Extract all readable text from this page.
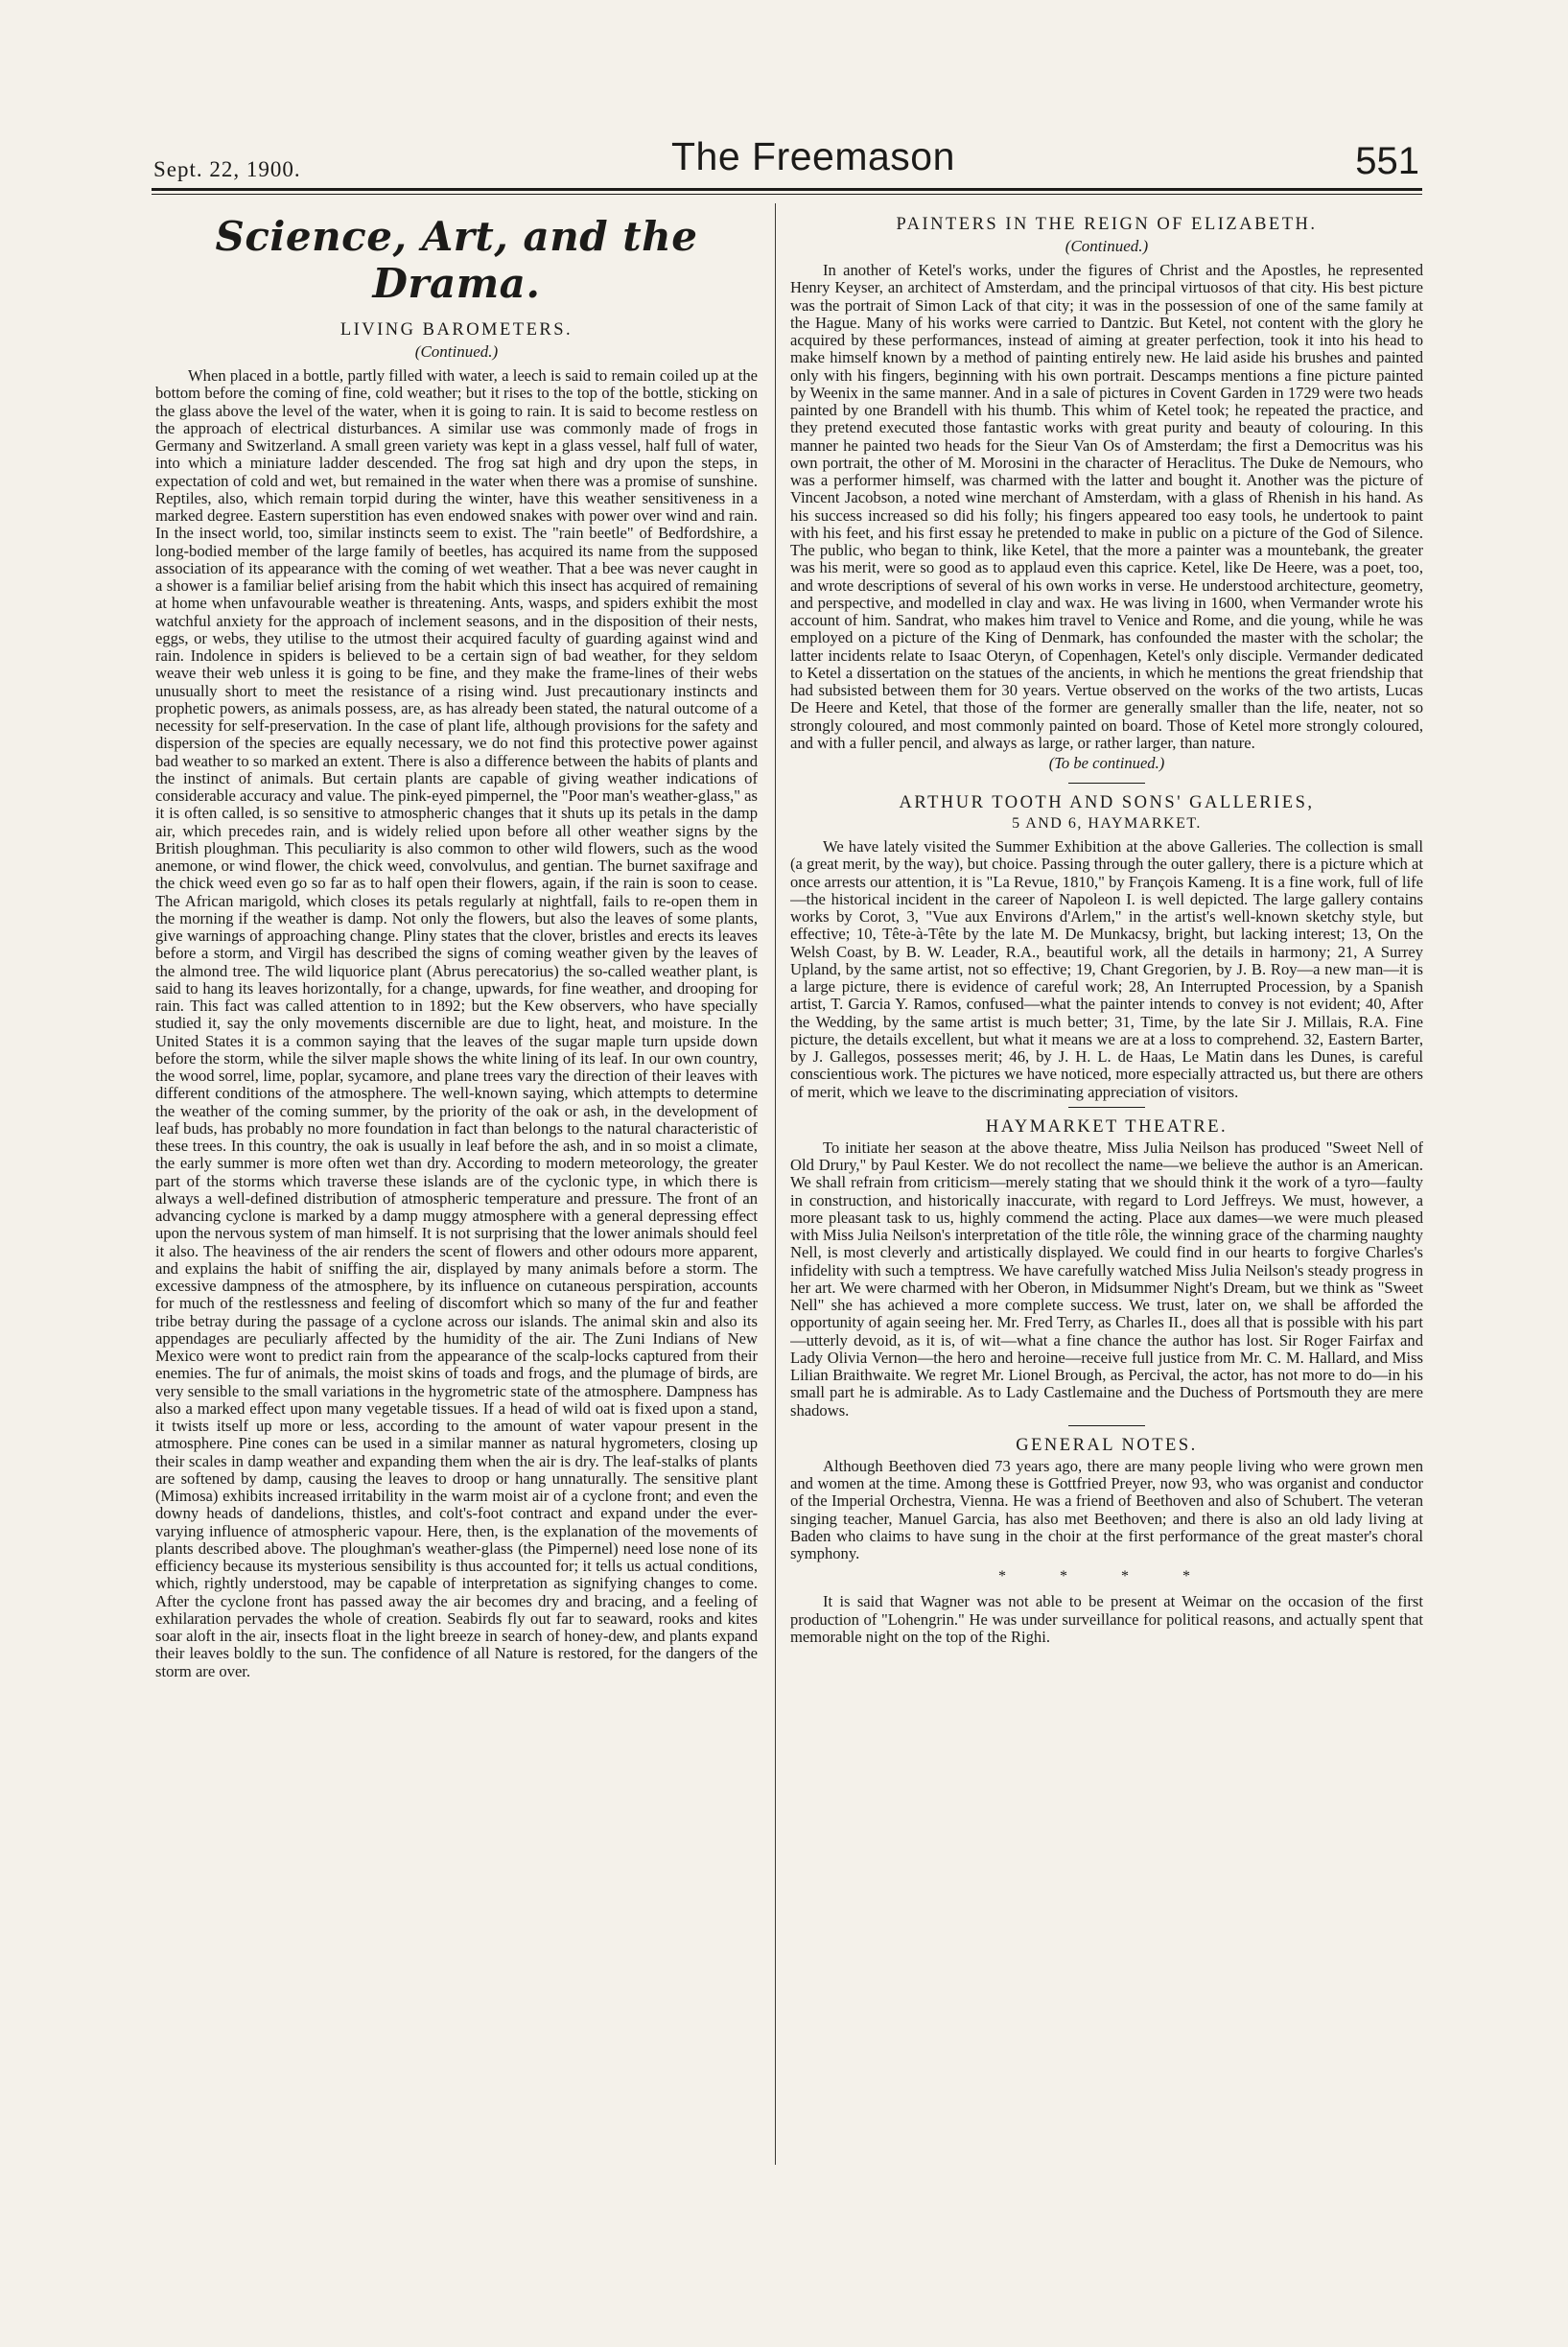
Sept. 22, 1900.	The Freemason	551
Science, Art, and the Drama.
LIVING BAROMETERS.
(Continued.)

When placed in a bottle, partly filled with water, a leech is said to remain coiled up at the bottom before the coming of fine, cold weather; but it rises to the top of the bottle, sticking on the glass above the level of the water, when it is going to rain. It is said to become restless on the approach of electrical disturbances. A similar use was commonly made of frogs in Germany and Switzerland. A small green variety was kept in a glass vessel, half full of water, into which a miniature ladder descended. The frog sat high and dry upon the steps, in expectation of cold and wet, but remained in the water when there was a promise of sunshine. Reptiles, also, which remain torpid during the winter, have this weather sensitiveness in a marked degree. Eastern superstition has even endowed snakes with power over wind and rain. In the insect world, too, similar instincts seem to exist. The "rain beetle" of Bedfordshire, a long-bodied member of the large family of beetles, has acquired its name from the supposed association of its appearance with the coming of wet weather. That a bee was never caught in a shower is a familiar belief arising from the habit which this insect has acquired of remaining at home when unfavourable weather is threatening. Ants, wasps, and spiders exhibit the most watchful anxiety for the approach of inclement seasons, and in the disposition of their nests, eggs, or webs, they utilise to the utmost their acquired faculty of guarding against wind and rain. Indolence in spiders is believed to be a certain sign of bad weather, for they seldom weave their web unless it is going to be fine, and they make the frame-lines of their webs unusually short to meet the resistance of a rising wind. Just precautionary instincts and prophetic powers, as animals possess, are, as has already been stated, the natural outcome of a necessity for self-preservation. In the case of plant life, although provisions for the safety and dispersion of the species are equally necessary, we do not find this protective power against bad weather to so marked an extent. There is also a difference between the habits of plants and the instinct of animals. But certain plants are capable of giving weather indications of considerable accuracy and value. The pink-eyed pimpernel, the "Poor man's weather-glass," as it is often called, is so sensitive to atmospheric changes that it shuts up its petals in the damp air, which precedes rain, and is widely relied upon before all other weather signs by the British ploughman. This peculiarity is also common to other wild flowers, such as the wood anemone, or wind flower, the chick weed, convolvulus, and gentian. The burnet saxifrage and the chick weed even go so far as to half open their flowers, again, if the rain is soon to cease. The African marigold, which closes its petals regularly at nightfall, fails to re-open them in the morning if the weather is damp. Not only the flowers, but also the leaves of some plants, give warnings of approaching change. Pliny states that the clover, bristles and erects its leaves before a storm, and Virgil has described the signs of coming weather given by the leaves of the almond tree. The wild liquorice plant (Abrus perecatorius) the so-called weather plant, is said to hang its leaves horizontally, for a change, upwards, for fine weather, and drooping for rain. This fact was called attention to in 1892; but the Kew observers, who have specially studied it, say the only movements discernible are due to light, heat, and moisture. In the United States it is a common saying that the leaves of the sugar maple turn upside down before the storm, while the silver maple shows the white lining of its leaf. In our own country, the wood sorrel, lime, poplar, sycamore, and plane trees vary the direction of their leaves with different conditions of the atmosphere. The well-known saying, which attempts to determine the weather of the coming summer, by the priority of the oak or ash, in the development of leaf buds, has probably no more foundation in fact than belongs to the natural characteristic of these trees. In this country, the oak is usually in leaf before the ash, and in so moist a climate, the early summer is more often wet than dry. According to modern meteorology, the greater part of the storms which traverse these islands are of the cyclonic type, in which there is always a well-defined distribution of atmospheric temperature and pressure. The front of an advancing cyclone is marked by a damp muggy atmosphere with a general depressing effect upon the nervous system of man himself. It is not surprising that the lower animals should feel it also. The heaviness of the air renders the scent of flowers and other odours more apparent, and explains the habit of sniffing the air, displayed by many animals before a storm. The excessive dampness of the atmosphere, by its influence on cutaneous perspiration, accounts for much of the restlessness and feeling of discomfort which so many of the fur and feather tribe betray during the passage of a cyclone across our islands. The animal skin and also its appendages are peculiarly affected by the humidity of the air. The Zuni Indians of New Mexico were wont to predict rain from the appearance of the scalp-locks captured from their enemies. The fur of animals, the moist skins of toads and frogs, and the plumage of birds, are very sensible to the small variations in the hygrometric state of the atmosphere. Dampness has also a marked effect upon many vegetable tissues. If a head of wild oat is fixed upon a stand, it twists itself up more or less, according to the amount of water vapour present in the atmosphere. Pine cones can be used in a similar manner as natural hygrometers, closing up their scales in damp weather and expanding them when the air is dry. The leaf-stalks of plants are softened by damp, causing the leaves to droop or hang unnaturally. The sensitive plant (Mimosa) exhibits increased irritability in the warm moist air of a cyclone front; and even the downy heads of dandelions, thistles, and colt's-foot contract and expand under the ever-varying influence of atmospheric vapour. Here, then, is the explanation of the movements of plants described above. The ploughman's weather-glass (the Pimpernel) need lose none of its efficiency because its mysterious sensibility is thus accounted for; it tells us actual conditions, which, rightly understood, may be capable of interpretation as signifying changes to come. After the cyclone front has passed away the air becomes dry and bracing, and a feeling of exhilaration pervades the whole of creation. Seabirds fly out far to seaward, rooks and kites soar aloft in the air, insects float in the light breeze in search of honey-dew, and plants expand their leaves boldly to the sun. The confidence of all Nature is restored, for the dangers of the storm are over.

PAINTERS IN THE REIGN OF ELIZABETH.
(Continued.)

In another of Ketel's works, under the figures of Christ and the Apostles, he represented Henry Keyser, an architect of Amsterdam, and the principal virtuosos of that city. His best picture was the portrait of Simon Lack of that city; it was in the possession of one of the same family at the Hague. Many of his works were carried to Dantzic. But Ketel, not content with the glory he acquired by these performances, instead of aiming at greater perfection, took it into his head to make himself known by a method of painting entirely new. He laid aside his brushes and painted only with his fingers, beginning with his own portrait. Descamps mentions a fine picture painted by Weenix in the same manner. And in a sale of pictures in Covent Garden in 1729 were two heads painted by one Brandell with his thumb. This whim of Ketel took; he repeated the practice, and they pretend executed those fantastic works with great purity and beauty of colouring. In this manner he painted two heads for the Sieur Van Os of Amsterdam; the first a Democritus was his own portrait, the other of M. Morosini in the character of Heraclitus. The Duke de Nemours, who was a performer himself, was charmed with the latter and bought it. Another was the picture of Vincent Jacobson, a noted wine merchant of Amsterdam, with a glass of Rhenish in his hand. As his success increased so did his folly; his fingers appeared too easy tools, he undertook to paint with his feet, and his first essay he pretended to make in public on a picture of the God of Silence. The public, who began to think, like Ketel, that the more a painter was a mountebank, the greater was his merit, were so good as to applaud even this caprice. Ketel, like De Heere, was a poet, too, and wrote descriptions of several of his own works in verse. He understood architecture, geometry, and perspective, and modelled in clay and wax. He was living in 1600, when Vermander wrote his account of him. Sandrat, who makes him travel to Venice and Rome, and die young, while he was employed on a picture of the King of Denmark, has confounded the master with the scholar; the latter incidents relate to Isaac Oteryn, of Copenhagen, Ketel's only disciple. Vermander dedicated to Ketel a dissertation on the statues of the ancients, in which he mentions the great friendship that had subsisted between them for 30 years. Vertue observed on the works of the two artists, Lucas De Heere and Ketel, that those of the former are generally smaller than the life, neater, not so strongly coloured, and most commonly painted on board. Those of Ketel more strongly coloured, and with a fuller pencil, and always as large, or rather larger, than nature.

(To be continued.)
ARTHUR TOOTH AND SONS' GALLERIES,
5 AND 6, HAYMARKET.

We have lately visited the Summer Exhibition at the above Galleries. The collection is small (a great merit, by the way), but choice. Passing through the outer gallery, there is a picture which at once arrests our attention, it is "La Revue, 1810," by François Kameng. It is a fine work, full of life—the historical incident in the career of Napoleon I. is well depicted. The large gallery contains works by Corot, 3, "Vue aux Environs d'Arlem," in the artist's well-known sketchy style, but effective; 10, Tête-à-Tête by the late M. De Munkacsy, bright, but lacking interest; 13, On the Welsh Coast, by B. W. Leader, R.A., beautiful work, all the details in harmony; 21, A Surrey Upland, by the same artist, not so effective; 19, Chant Gregorien, by J. B. Roy—a new man—it is a large picture, there is evidence of careful work; 28, An Interrupted Procession, by a Spanish artist, T. Garcia Y. Ramos, confused—what the painter intends to convey is not evident; 40, After the Wedding, by the same artist is much better; 31, Time, by the late Sir J. Millais, R.A. Fine picture, the details excellent, but what it means we are at a loss to comprehend. 32, Eastern Barter, by J. Gallegos, possesses merit; 46, by J. H. L. de Haas, Le Matin dans les Dunes, is careful conscientious work. The pictures we have noticed, more especially attracted us, but there are others of merit, which we leave to the discriminating appreciation of visitors.

HAYMARKET THEATRE.

To initiate her season at the above theatre, Miss Julia Neilson has produced "Sweet Nell of Old Drury," by Paul Kester. We do not recollect the name—we believe the author is an American. We shall refrain from criticism—merely stating that we should think it the work of a tyro—faulty in construction, and historically inaccurate, with regard to Lord Jeffreys. We must, however, a more pleasant task to us, highly commend the acting. Place aux dames—we were much pleased with Miss Julia Neilson's interpretation of the title rôle, the winning grace of the charming naughty Nell, is most cleverly and artistically displayed. We could find in our hearts to forgive Charles's infidelity with such a temptress. We have carefully watched Miss Julia Neilson's steady progress in her art. We were charmed with her Oberon, in Midsummer Night's Dream, but we think as "Sweet Nell" she has achieved a more complete success. We trust, later on, we shall be afforded the opportunity of again seeing her. Mr. Fred Terry, as Charles II., does all that is possible with his part—utterly devoid, as it is, of wit—what a fine chance the author has lost. Sir Roger Fairfax and Lady Olivia Vernon—the hero and heroine—receive full justice from Mr. C. M. Hallard, and Miss Lilian Braithwaite. We regret Mr. Lionel Brough, as Percival, the actor, has not more to do—in his small part he is admirable. As to Lady Castlemaine and the Duchess of Portsmouth they are mere shadows.

GENERAL NOTES.

Although Beethoven died 73 years ago, there are many people living who were grown men and women at the time. Among these is Gottfried Preyer, now 93, who was organist and conductor of the Imperial Orchestra, Vienna. He was a friend of Beethoven and also of Schubert. The veteran singing teacher, Manuel Garcia, has also met Beethoven; and there is also an old lady living at Baden who claims to have sung in the choir at the first performance of the great master's choral symphony.

* * * *

It is said that Wagner was not able to be present at Weimar on the occasion of the first production of "Lohengrin." He was under surveillance for political reasons, and actually spent that memorable night on the top of the Righi.
